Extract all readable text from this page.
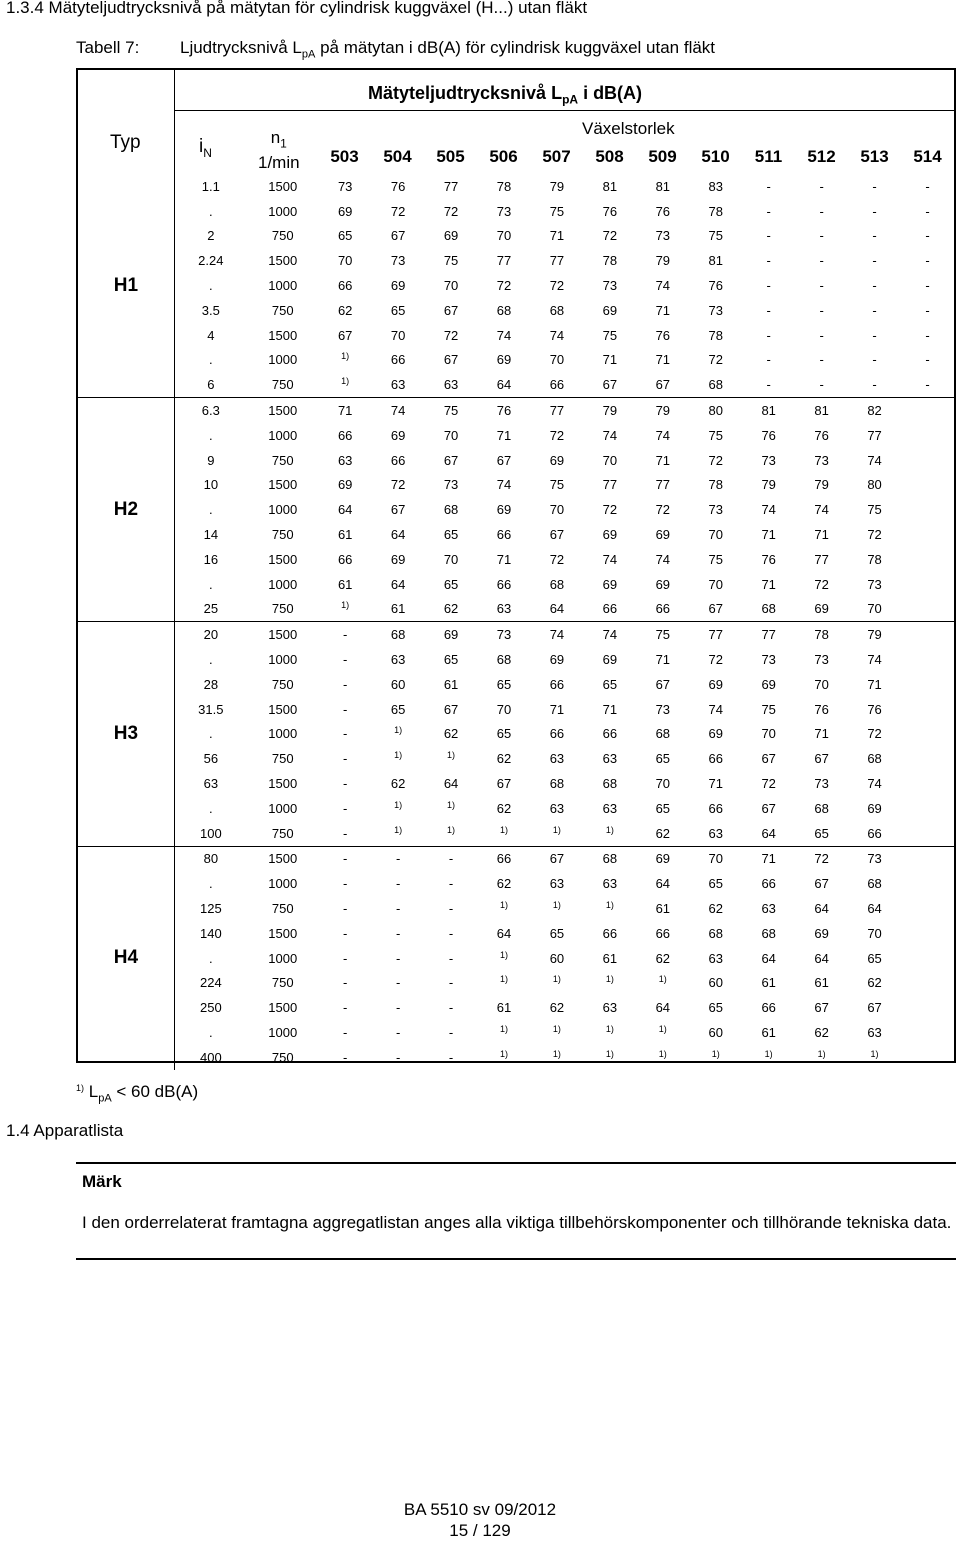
1.3.4 Mätyteljudtrycksnivå på mätytan för cylindrisk kuggväxel (H...) utan fläkt
Tabell 7: Ljudtrycksnivå $L_{pA}$ på mätytan i dB(A) för cylindrisk kuggväxel utan fläkt
Mätyteljudtrycksnivå $L_{pA}$ i dB(A)
Typ	$i_N$
$n_1$
1/min
Växelstorlek
503	504	505	506	507	508	509	510	511	512	513	514
H1	1.1	1500	73	76	77	78	79	81	81	83	-	-	-	-
	.	1000	69	72	72	73	75	76	76	78	-	-	-	-
	2	750	65	67	69	70	71	72	73	75	-	-	-	-
	2.24	1500	70	73	75	77	77	78	79	81	-	-	-	-
	.	1000	66	69	70	72	72	73	74	76	-	-	-	-
	3.5	750	62	65	67	68	68	69	71	73	-	-	-	-
	4	1500	67	70	72	74	74	75	76	78	-	-	-	-
	.	1000	$^{1)}$	66	67	69	70	71	71	72	-	-	-	-
	6	750	$^{1)}$	63	63	64	66	67	67	68	-	-	-	-
H2	6.3	1500	71	74	75	76	77	79	79	80	81	81	82	
	.	1000	66	69	70	71	72	74	74	75	76	76	77	
	9	750	63	66	67	67	69	70	71	72	73	73	74	
	10	1500	69	72	73	74	75	77	77	78	79	79	80	
	.	1000	64	67	68	69	70	72	72	73	74	74	75	
	14	750	61	64	65	66	67	69	69	70	71	71	72	
	16	1500	66	69	70	71	72	74	74	75	76	77	78	
	.	1000	61	64	65	66	68	69	69	70	71	72	73	
	25	750	$^{1)}$	61	62	63	64	66	66	67	68	69	70	
H3	20	1500	-	68	69	73	74	74	75	77	77	78	79	
	.	1000	-	63	65	68	69	69	71	72	73	73	74	
	28	750	-	60	61	65	66	65	67	69	69	70	71	
	31.5	1500	-	65	67	70	71	71	73	74	75	76	76	
	.	1000	-	$^{1)}$	62	65	66	66	68	69	70	71	72	
	56	750	-	$^{1)}$	$^{1)}$	62	63	63	65	66	67	67	68	
	63	1500	-	62	64	67	68	68	70	71	72	73	74	
	.	1000	-	$^{1)}$	$^{1)}$	62	63	63	65	66	67	68	69	
	100	750	-	$^{1)}$	$^{1)}$	$^{1)}$	$^{1)}$	$^{1)}$	62	63	64	65	66	
H4	80	1500	-	-	-	66	67	68	69	70	71	72	73	
	.	1000	-	-	-	62	63	63	64	65	66	67	68	
	125	750	-	-	-	$^{1)}$	$^{1)}$	$^{1)}$	61	62	63	64	64	
	140	1500	-	-	-	64	65	66	66	68	68	69	70	
	.	1000	-	-	-	$^{1)}$	60	61	62	63	64	64	65	
	224	750	-	-	-	$^{1)}$	$^{1)}$	$^{1)}$	$^{1)}$	60	61	61	62	
	250	1500	-	-	-	61	62	63	64	65	66	67	67	
	.	1000	-	-	-	$^{1)}$	$^{1)}$	$^{1)}$	$^{1)}$	60	61	62	63	
	400	750	-	-	-	$^{1)}$	$^{1)}$	$^{1)}$	$^{1)}$	$^{1)}$	$^{1)}$	$^{1)}$	$^{1)}$	
$^{1)}$ $L_{pA} < 60$ dB(A)
1.4 Apparatlista
Märk
I den orderrelaterat framtagna aggregatlistan anges alla viktiga tillbehörskomponenter och tillhörande tekniska data.
BA 5510 sv 09/2012
15 / 129
